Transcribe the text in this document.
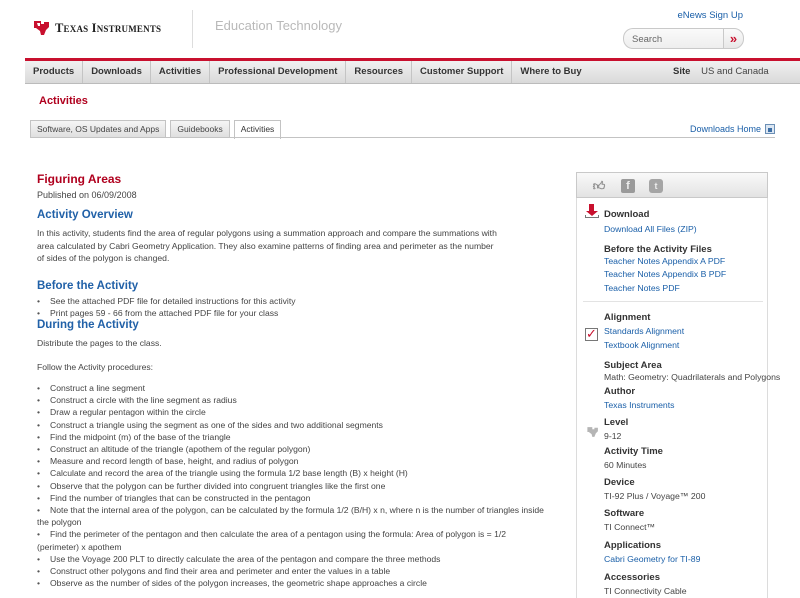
Texas Instruments	Education Technology
eNews Sign Up
Search	»
Products	Downloads	Activities	Professional Development	Resources	Customer Support	Where to Buy	Site US and Canada
Activities
Software, OS Updates and Apps	Guidebooks	Activities	Downloads Home
Figuring Areas
Published on 06/09/2008
Activity Overview
In this activity, students find the area of regular polygons using a summation approach and compare the summations with
area calculated by Cabri Geometry Application. They also examine patterns of finding area and perimeter as the number
of sides of the polygon is changed.
Before the Activity
• See the attached PDF file for detailed instructions for this activity
• Print pages 59 - 66 from the attached PDF file for your class
During the Activity
Distribute the pages to the class.
Follow the Activity procedures:
• Construct a line segment
• Construct a circle with the line segment as radius
• Draw a regular pentagon within the circle
• Construct a triangle using the segment as one of the sides and two additional segments
• Find the midpoint (m) of the base of the triangle
• Construct an altitude of the triangle (apothem of the regular polygon)
• Measure and record length of base, height, and radius of polygon
• Calculate and record the area of the triangle using the formula 1/2 base length (B) x height (H)
• Observe that the polygon can be further divided into congruent triangles like the first one
• Find the number of triangles that can be constructed in the pentagon
• Note that the internal area of the polygon, can be calculated by the formula 1/2 (B/H) x n, where n is the number of triangles inside the polygon
• Find the perimeter of the pentagon and then calculate the area of a pentagon using the formula: Area of polygon is = 1/2 (perimeter) x apothem
• Use the Voyage 200 PLT to directly calculate the area of the pentagon and compare the three methods
• Construct other polygons and find their area and perimeter and enter the values in a table
• Observe as the number of sides of the polygon increases, the geometric shape approaches a circle
👍︎	f	t
Download
Download All Files (ZIP)
Before the Activity Files
Teacher Notes Appendix A PDF
Teacher Notes Appendix B PDF
Teacher Notes PDF
✓
Alignment
Standards Alignment
Textbook Alignment
Subject Area
Math: Geometry: Quadrilaterals and Polygons
Author
Texas Instruments
Level
9-12
Activity Time
60 Minutes
Device
TI-92 Plus / Voyage™ 200
Software
TI Connect™
Applications
Cabri Geometry for TI-89
Accessories
TI Connectivity Cable
